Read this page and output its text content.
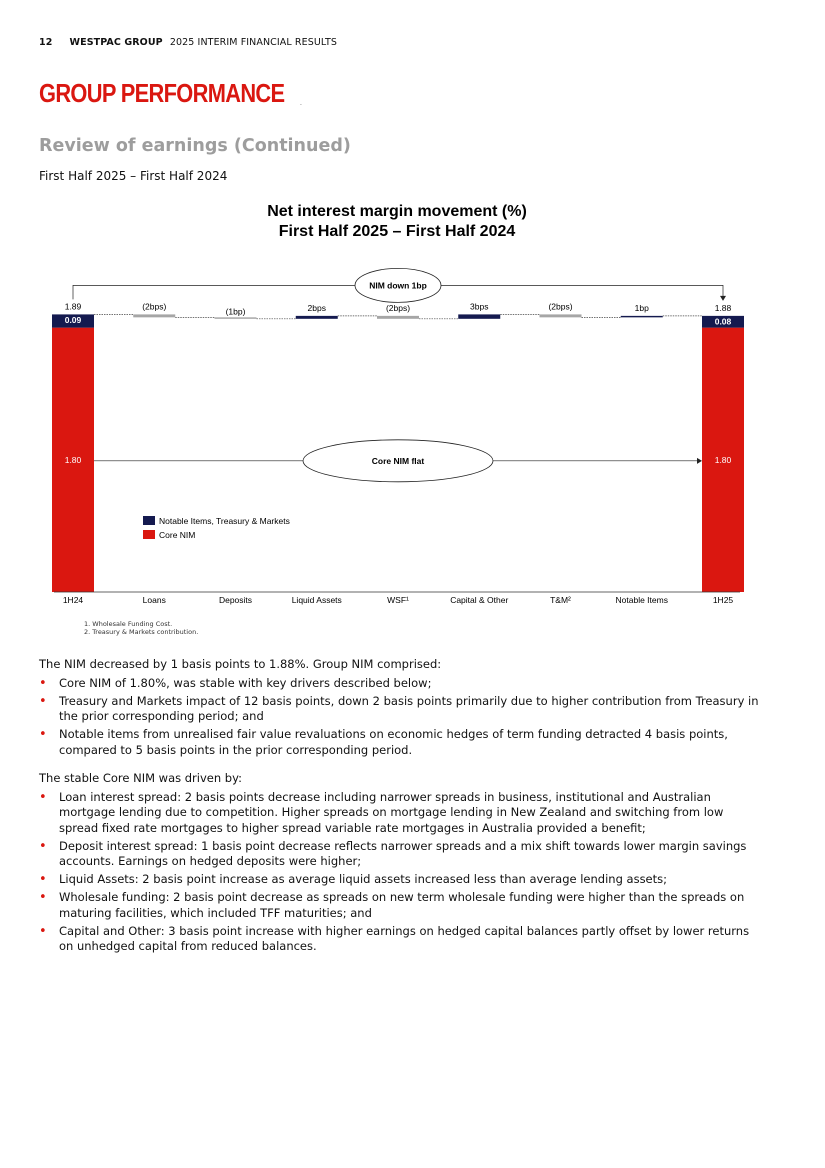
12 WESTPAC GROUP 2025 INTERIM FINANCIAL RESULTS
GROUP PERFORMANCE	.
Review of earnings (Continued)
First Half 2025 – First Half 2024
Net interest margin movement (%)
First Half 2025 – First Half 2024
0.09
1.80
1.89
0.08
1.80
1.88
(2bps)	(1bp)	2bps	(2bps)	3bps	(2bps)	1bp
1H24	Loans	Deposits	Liquid Assets	WSF¹	Capital & Other	T&M²	Notable Items	1H25
NIM down 1bp
Core NIM flat
Notable Items, Treasury & Markets
Core NIM
1. Wholesale Funding Cost.
2. Treasury & Markets contribution.

The NIM decreased by 1 basis points to 1.88%. Group NIM comprised:

• Core NIM of 1.80%, was stable with key drivers described below;
• Treasury and Markets impact of 12 basis points, down 2 basis points primarily due to higher contribution from Treasury in the prior corresponding period; and
• Notable items from unrealised fair value revaluations on economic hedges of term funding detracted 4 basis points, compared to 5 basis points in the prior corresponding period.

The stable Core NIM was driven by:

• Loan interest spread: 2 basis points decrease including narrower spreads in business, institutional and Australian mortgage lending due to competition. Higher spreads on mortgage lending in New Zealand and switching from low spread fixed rate mortgages to higher spread variable rate mortgages in Australia provided a benefit;
• Deposit interest spread: 1 basis point decrease reflects narrower spreads and a mix shift towards lower margin savings accounts. Earnings on hedged deposits were higher;
• Liquid Assets: 2 basis point increase as average liquid assets increased less than average lending assets;
• Wholesale funding: 2 basis point decrease as spreads on new term wholesale funding were higher than the spreads on maturing facilities, which included TFF maturities; and
• Capital and Other: 3 basis point increase with higher earnings on hedged capital balances partly offset by lower returns on unhedged capital from reduced balances.
